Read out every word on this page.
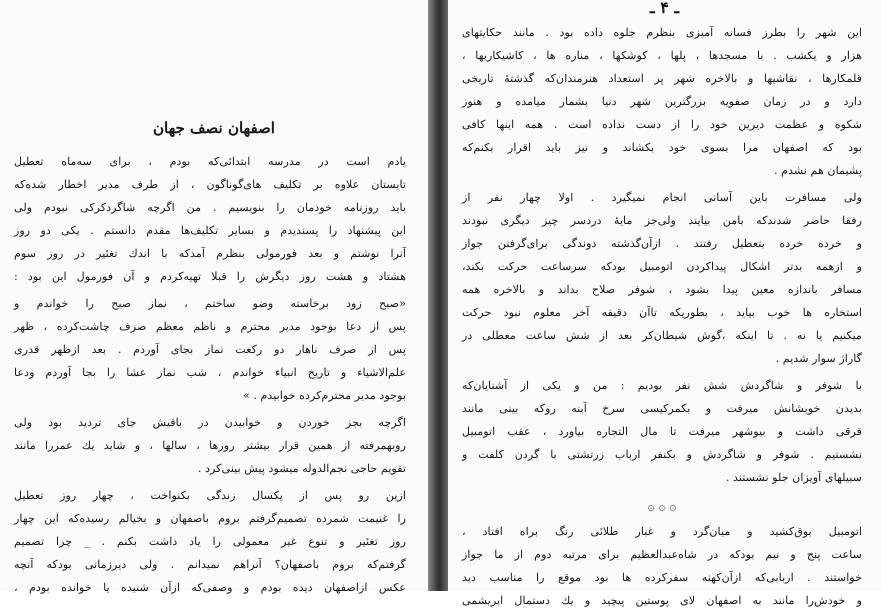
اصفهان نصف جهان
یادم است در مدرسه ابتدائی‌که بودم ، برای سه‌ماه تعطیل
تابستان علاوه بر تکلیف های‌گوناگون ، از طرف مدیر اخطار شده‌که
باید روزنامه خودمان را بنویسیم . من اگرچه شاگردکرکی نبودم ولی
این پیشنهاد را پسندیدم و بسایر تکلیف‌ها مقدم دانستم . یکی دو روز
آنرا نوشتم و بعد فورمولی بنظرم آمد‌که با اندك تغئیر در روز سوم
هشتاد و هشت روز دیگرش را قبلا تهیه‌کردم و آن فورمول این بود :
«صبح زود برخاسته وضو ساختم ، نماز صبح را خواندم و
پس از دعا بوجود مدیر محترم و ناظم معظم صرف چاشت‌کرده ، ظهر
پس از صرف ناهار دو رکعت نماز بجای آوردم . بعد ازظهر قدری
علم‌الاشیاء و تاریخ انبیاء خواندم ، شب نماز عشا را بجا آوردم ودعا
بوجود مدیر محترم‌کرده خوابیدم . »
اگرچه بجز خوردن و خوابیدن در باقیش جای تردید بود ولی
روبهمرفته از همین قرار بیشتر روزها ، سالها ، و شاید یك عمررا مانند
تقویم حاجی نجم‌الدوله میشود پیش بینی‌کرد .
ازین رو پس از یکسال زندگی بکنواخت ، چهار روز تعطیل
را غنیمت شمرده تصمیم‌گرفتم بروم باصفهان و بخیالم رسیده‌که این چهار
روز تغئیر و تنوع غیر معمولی را یاد داشت بکنم . _ چرا تصمیم
گرفتم‌که بروم باصفهان؟ آنراهم نمیدانم . ولی دیرزمانی بود‌که آنچه
عکس ازاصفهان دیده بودم و وصفی‌که ازآن شنیده یا خوانده بودم ،
ـ ۴ ـ
این شهر را بطرز فسانه آمیزی بنظرم جلوه داده بود . مانند حکایتهای
هزار و یکشب . با مسجدها ، پلها ، کوشکها ، مناره ها ، کاشیکاریها ،
قلمکارها ، نقاشیها و بالاخره شهر پر استعداد هنرمندان‌که گذشتهٔ تاریخی
دارد و در زمان صفویه بزرگترین شهر دنیا بشمار میامده و هنوز
شکوه و عظمت دیرین خود را از دست نداده است . همه اینها کافی
بود که اصفهان مرا بسوی خود بکشاند و نیز باید اقرار بکنم‌که
پشیمان هم نشدم .
ولی مسافرت باین آسانی انجام نمیگیرد . اولا چهار نفر از
رفقا حاضر شدند‌که بامن بیایند ولی‌جز مایهٔ دردسر چیز دیگری نبودند
و خرده خرده بتعطیل رفتند . ازآن‌گذشته دوندگی برای‌گرفتن جواز
و ازهمه بدتر اشکال پیداکردن اتومبیل بود‌که سرساعت حرکت بکند،
مسافر باندازه معین پیدا بشود ، شوفر صلاح بداند و بالاخره همه
استخاره ها خوب بیاید ، بطوریکه تاآن دقیقه آخر معلوم نبود حرکت
میکنیم یا نه . تا اینکه ،گوش شیطان‌کر بعد از شش ساعت معطلی در
گاراژ سوار شدیم .
با شوفر و شاگردش شش نفر بودیم : من و یکی از آشنایان‌که
بدیدن خویشانش میرفت و بکمرکیسی سرخ آبنه روکه بینی مانند
قرقی داشت و بیوشهر میرفت تا مال التجاره بیاورد ، عقب اتومبیل
نشستیم . شوفر و شاگردش و بکنفر ارباب زرتشتی با گردن کلفت و
سبیلهای آویزان جلو نشستند .
۞ ۞ ۞
اتومبیل بوق‌کشید و میان‌گرد و غبار طلائی رنگ براه افتاد ،
ساعت پنج و نیم بود‌که در شاه‌عبدالعظیم برای مرتبه دوم از ما جواز
خواستند . اربابی‌که ازآن‌کهنه سفرکرده ها بود موقع را مناسب دید
و خودش‌را مانند به اصفهان لای پوستین پیچید و یك دستمال ابریشمی
